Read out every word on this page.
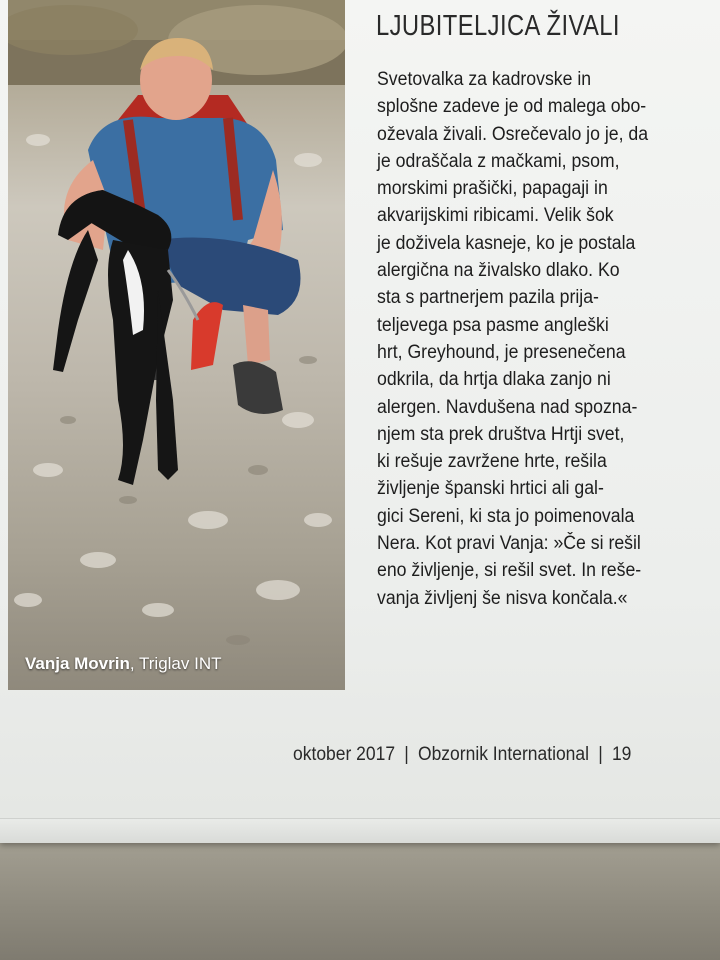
Vanja Movrin, Triglav INT
LJUBITELJICA ŽIVALI
Svetovalka za kadrovske in
splošne zadeve je od malega obo-
oževala živali. Osrečevalo jo je, da
je odraščala z mačkami, psom,
morskimi prašički, papagaji in
akvarijskimi ribicami. Velik šok
je doživela kasneje, ko je postala
alergična na živalsko dlako. Ko
sta s partnerjem pazila prija-
teljevega psa pasme angleški
hrt, Greyhound, je presenečena
odkrila, da hrtja dlaka zanjo ni
alergen. Navdušena nad spozna-
njem sta prek društva Hrtji svet,
ki rešuje zavržene hrte, rešila
življenje španski hrtici ali gal-
gici Sereni, ki sta jo poimenovala
Nera. Kot pravi Vanja: »Če si rešil
eno življenje, si rešil svet. In reše-
vanja življenj še nisva končala.«
oktober 2017 | Obzornik International | 19
